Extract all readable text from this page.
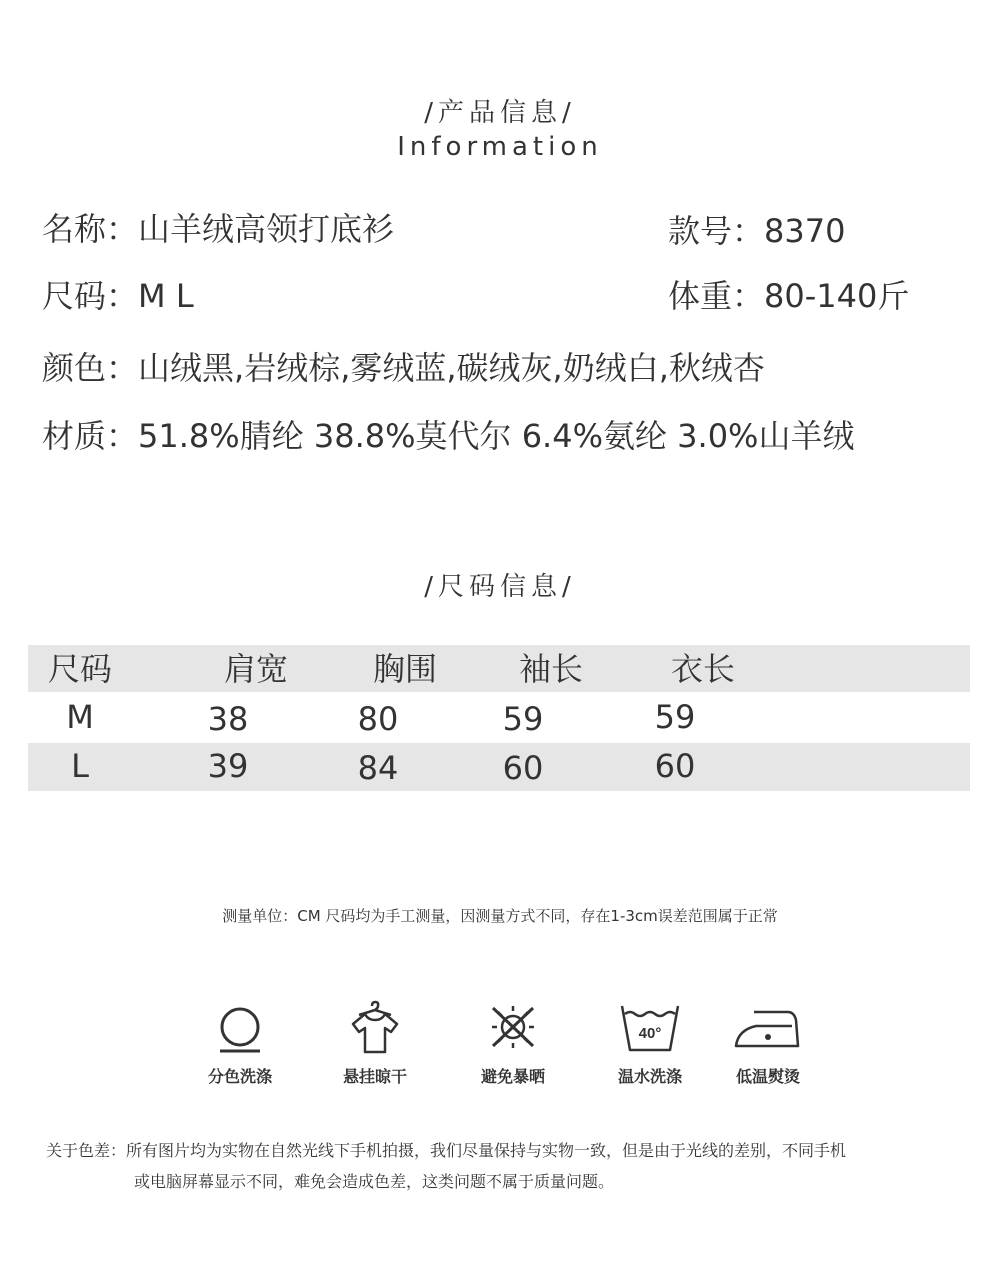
/产品信息/
Information
名称：山羊绒高领打底衫	款号：8370
尺码：M L	体重：80-140斤
颜色：山绒黑,岩绒棕,雾绒蓝,碳绒灰,奶绒白,秋绒杏
材质：51.8%腈纶 38.8%莫代尔 6.4%氨纶 3.0%山羊绒
/尺码信息/
尺码	肩宽	胸围	袖长	衣长
M	38	80	59	59
L	39	84	60	60
测量单位：CM 尺码均为手工测量，因测量方式不同，存在1-3cm误差范围属于正常
分色洗涤	悬挂晾干	避免暴晒
40°
温水洗涤	低温熨烫
关于色差：所有图片均为实物在自然光线下手机拍摄，我们尽量保持与实物一致，但是由于光线的差别，不同手机
或电脑屏幕显示不同，难免会造成色差，这类问题不属于质量问题。
